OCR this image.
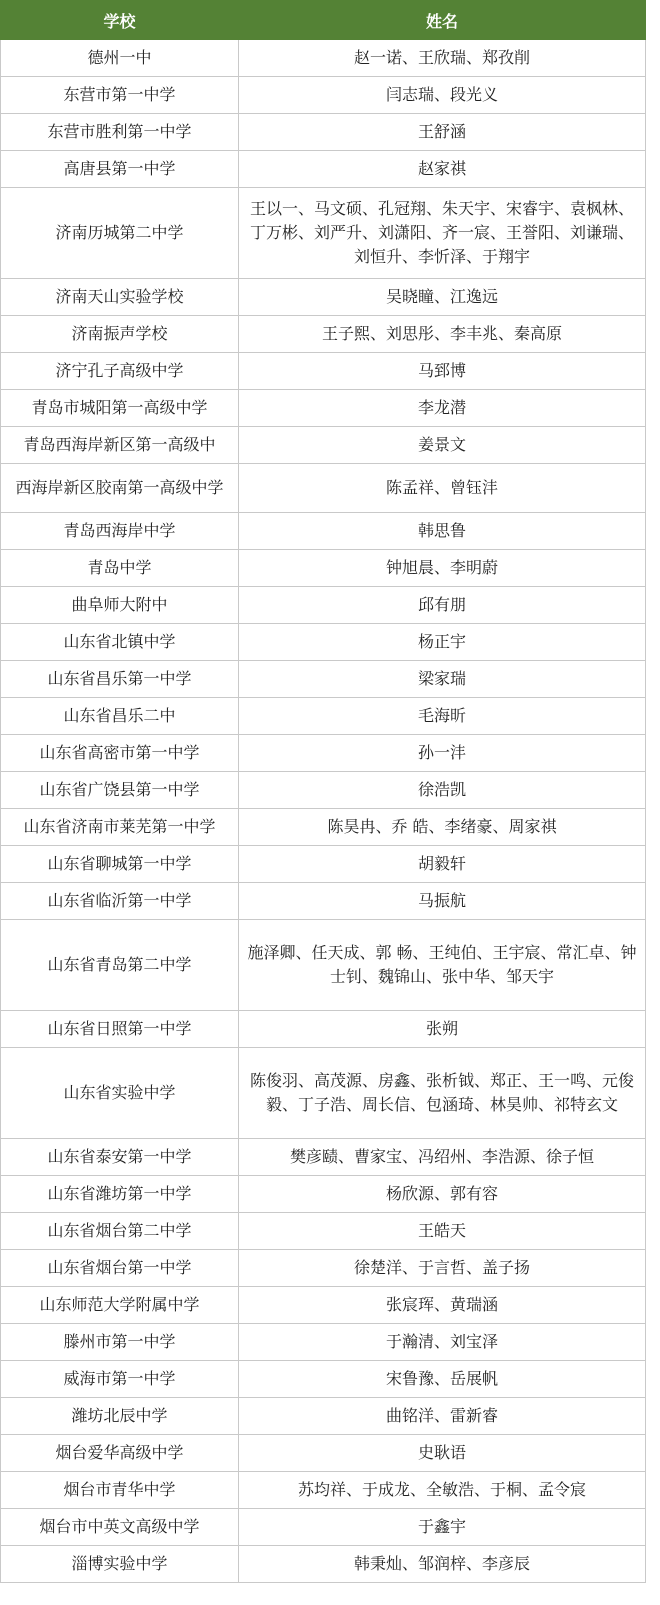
学校	姓名
德州一中	赵一诺、王欣瑞、郑孜削
东营市第一中学	闫志瑞、段光义
东营市胜利第一中学	王舒涵
高唐县第一中学	赵家祺
济南历城第二中学	王以一、马文硕、孔冠翔、朱天宇、宋睿宇、袁枫林、丁万彬、刘严升、刘潇阳、齐一宸、王誉阳、刘谦瑞、刘恒升、李忻泽、于翔宇
济南天山实验学校	吴晓瞳、江逸远
济南振声学校	王子熙、刘思彤、李丰兆、秦高原
济宁孔子高级中学	马郅博
青岛市城阳第一高级中学	李龙潜
青岛西海岸新区第一高级中	姜景文
西海岸新区胶南第一高级中学	陈孟祥、曾钰沣
青岛西海岸中学	韩思鲁
青岛中学	钟旭晨、李明蔚
曲阜师大附中	邱有朋
山东省北镇中学	杨正宇
山东省昌乐第一中学	梁家瑞
山东省昌乐二中	毛海昕
山东省高密市第一中学	孙一沣
山东省广饶县第一中学	徐浩凯
山东省济南市莱芜第一中学	陈昊冉、乔 皓、李绪豪、周家祺
山东省聊城第一中学	胡毅轩
山东省临沂第一中学	马振航
山东省青岛第二中学	施泽卿、任天成、郭 畅、王纯伯、王宇宸、常汇卓、钟士钊、魏锦山、张中华、邹天宇
山东省日照第一中学	张朔
山东省实验中学	陈俊羽、高茂源、房鑫、张析钺、郑正、王一鸣、元俊毅、丁子浩、周长信、包涵琦、林昊帅、祁特玄文
山东省泰安第一中学	樊彦赜、曹家宝、冯绍州、李浩源、徐子恒
山东省潍坊第一中学	杨欣源、郭有容
山东省烟台第二中学	王皓天
山东省烟台第一中学	徐楚洋、于言哲、盖子扬
山东师范大学附属中学	张宸珲、黄瑞涵
滕州市第一中学	于瀚清、刘宝泽
威海市第一中学	宋鲁豫、岳展帆
潍坊北辰中学	曲铭洋、雷新睿
烟台爱华高级中学	史耿语
烟台市青华中学	苏均祥、于成龙、全敏浩、于桐、孟令宸
烟台市中英文高级中学	于鑫宇
淄博实验中学	韩秉灿、邹润梓、李彦辰
